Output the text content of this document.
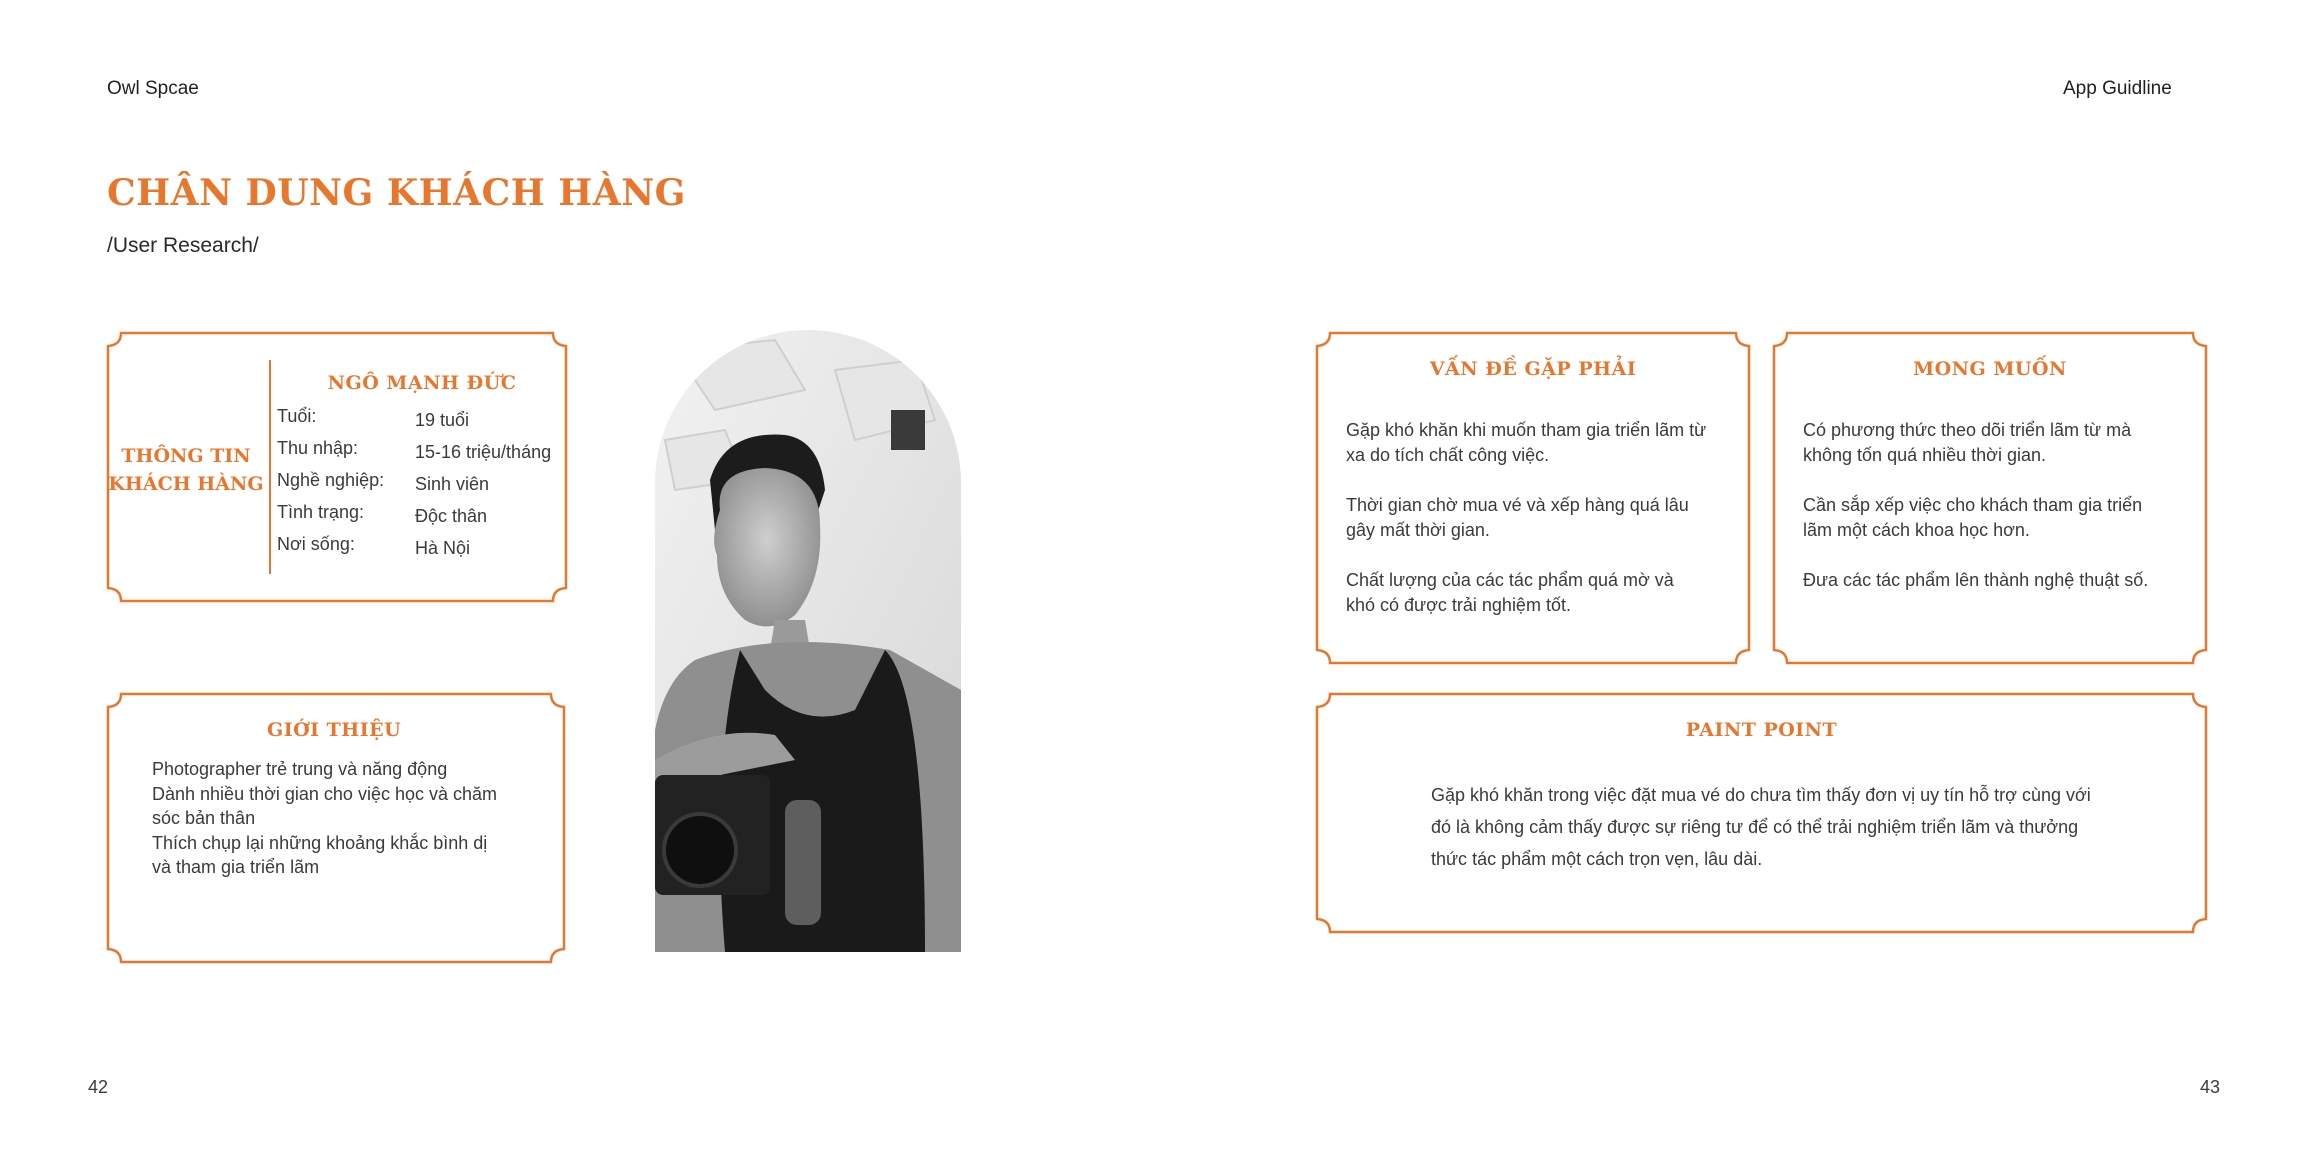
Owl Spcae	App Guidline
CHÂN DUNG KHÁCH HÀNG
/User Research/
THÔNG TIN
KHÁCH HÀNG
NGÔ MẠNH ĐỨC
Tuổi:	19 tuổi
Thu nhập:	15-16 triệu/tháng
Nghề nghiệp: Sinh viên
Tình trạng:	Độc thân
Nơi sống:	Hà Nội
GIỚI THIỆU
Photographer trẻ trung và năng động
Dành nhiều thời gian cho việc học và chăm
sóc bản thân
Thích chụp lại những khoảng khắc bình dị
và tham gia triển lãm
VẤN ĐỀ GẶP PHẢI

Gặp khó khăn khi muốn tham gia triển lãm từ
xa do tích chất công việc.

Thời gian chờ mua vé và xếp hàng quá lâu
gây mất thời gian.

Chất lượng của các tác phẩm quá mờ và
khó có được trải nghiệm tốt.

MONG MUỐN

Có phương thức theo dõi triển lãm từ mà
không tốn quá nhiều thời gian.

Cần sắp xếp việc cho khách tham gia triển
lãm một cách khoa học hơn.

Đưa các tác phẩm lên thành nghệ thuật số.

PAINT POINT
Gặp khó khăn trong việc đặt mua vé do chưa tìm thấy đơn vị uy tín hỗ trợ cùng với
đó là không cảm thấy được sự riêng tư để có thể trải nghiệm triển lãm và thưởng
thức tác phẩm một cách trọn vẹn, lâu dài.
42	43
